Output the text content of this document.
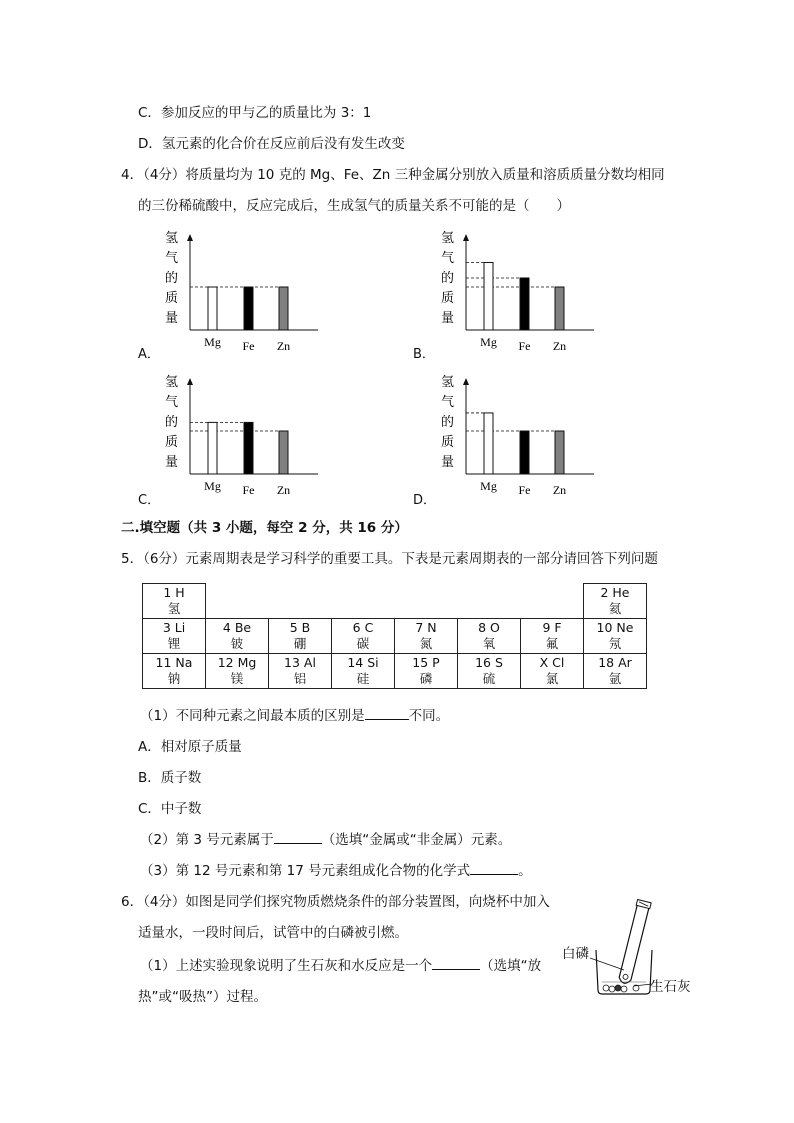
C．参加反应的甲与乙的质量比为 3：1
D．氢元素的化合价在反应前后没有发生改变
4．（4分）将质量均为 10 克的 Mg、Fe、Zn 三种金属分别放入质量和溶质质量分数均相同
的三份稀硫酸中，反应完成后，生成氢气的质量关系不可能的是（　　）
氢
气
的
质
量
Mg Fe Zn
氢
气
的
质
量
Mg Fe Zn
氢
气
的
质
量
Mg Fe Zn
氢
气
的
质
量
Mg Fe Zn
A．	B．
C．	D．
二.填空题（共 3 小题，每空 2 分，共 16 分）
5．（6分）元素周期表是学习科学的重要工具。下表是元素周期表的一部分请回答下列问题
1 H
氢							2 He
氦

3 Li
锂	4 Be
铍	5 B
硼	6 C
碳	7 N
氮	8 O
氧	9 F
氟	10 Ne
氖

11 Na
钠	12 Mg
镁	13 Al
铝	14 Si
硅	15 P
磷	16 S
硫	X Cl
氯	18 Ar
氩
（1）不同种元素之间最本质的区别是	不同。
A．相对原子质量
B．质子数
C．中子数
（2）第 3 号元素属于	（选填“金属或“非金属）元素。
（3）第 12 号元素和第 17 号元素组成化合物的化学式	。
6．（4分）如图是同学们探究物质燃烧条件的部分装置图，向烧杯中加入
适量水，一段时间后，试管中的白磷被引燃。
（1）上述实验现象说明了生石灰和水反应是一个	（选填“放
热”或“吸热”）过程。
白磷
生石灰
